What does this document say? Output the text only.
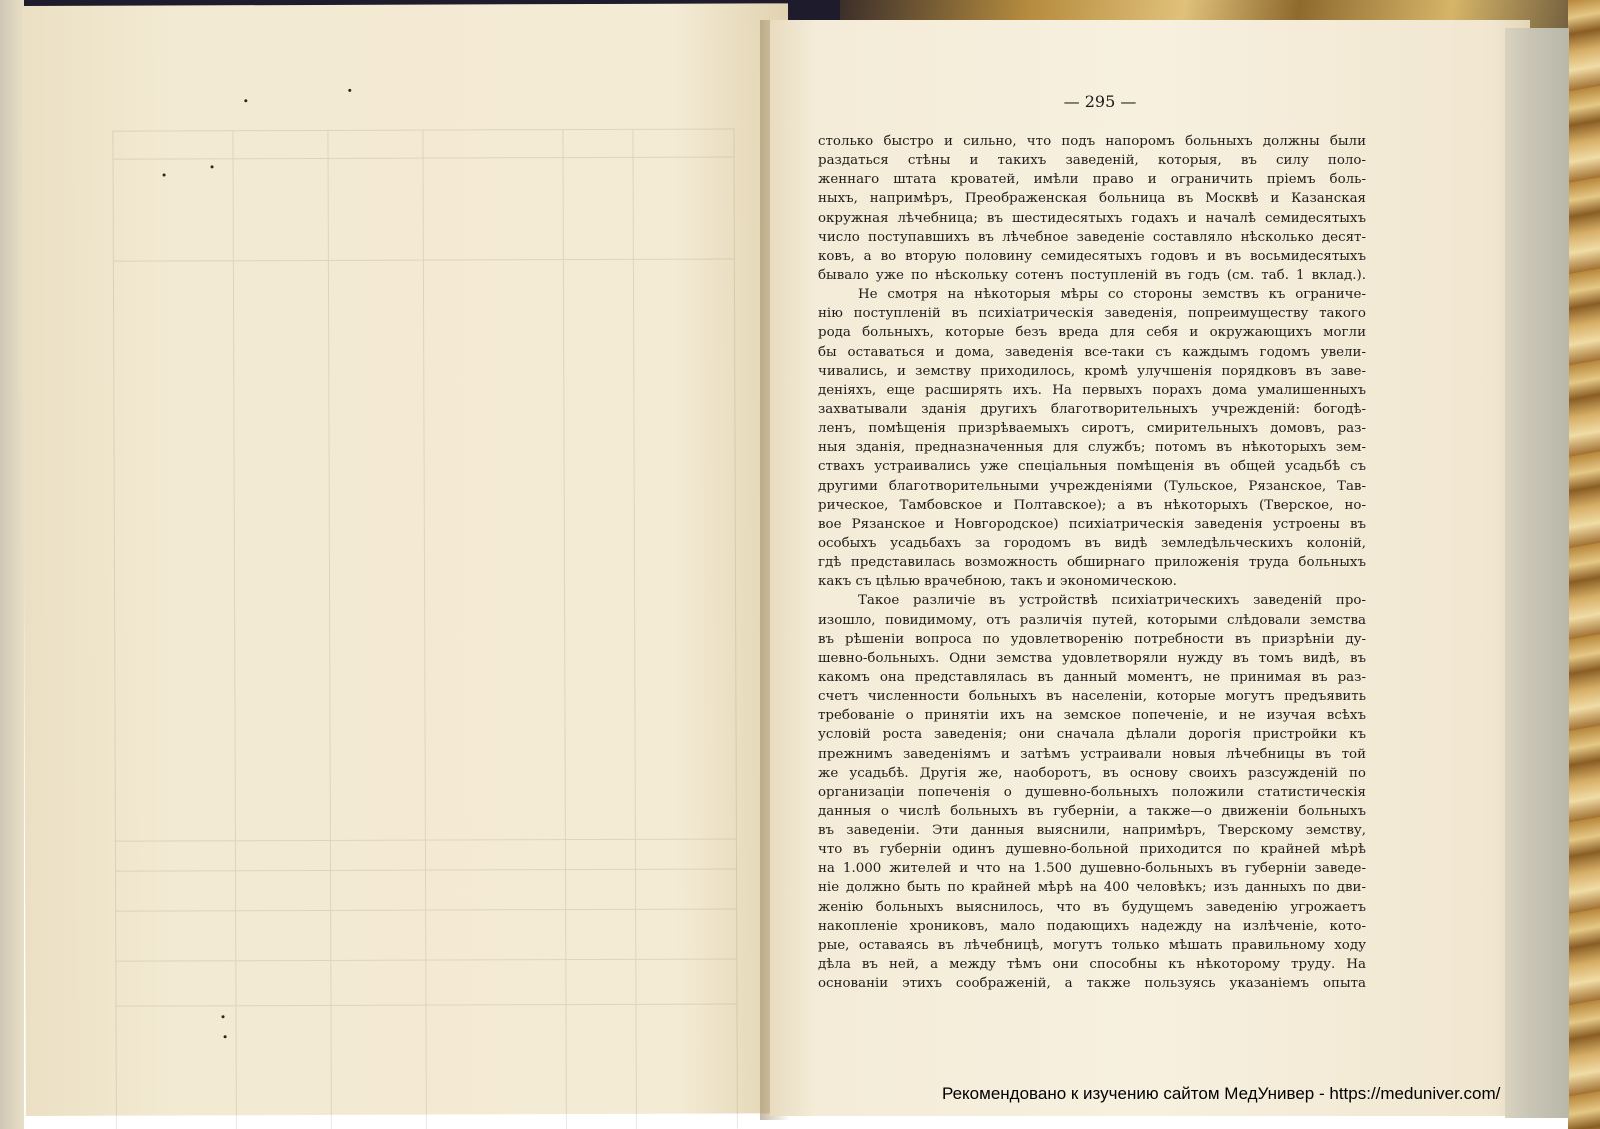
— 295 —
столько быстро и сильно, что подъ напоромъ больныхъ должны были
раздаться стѣны и такихъ заведеній, которыя, въ силу поло-
женнаго штата кроватей, имѣли право и ограничить пріемъ боль-
ныхъ, напримѣръ, Преображенская больница въ Москвѣ и Казанская
окружная лѣчебница; въ шестидесятыхъ годахъ и началѣ семидесятыхъ
число поступавшихъ въ лѣчебное заведеніе составляло нѣсколько десят-
ковъ, а во вторую половину семидесятыхъ годовъ и въ восьмидесятыхъ
бывало уже по нѣскольку сотенъ поступленій въ годъ (см. таб. 1 вклад.).
Не смотря на нѣкоторыя мѣры со стороны земствъ къ ограниче-
нію поступленій въ психіатрическія заведенія, попреимуществу такого
рода больныхъ, которые безъ вреда для себя и окружающихъ могли
бы оставаться и дома, заведенія все-таки съ каждымъ годомъ увели-
чивались, и земству приходилось, кромѣ улучшенія порядковъ въ заве-
деніяхъ, еще расширять ихъ. На первыхъ порахъ дома умалишенныхъ
захватывали зданія другихъ благотворительныхъ учрежденій: богодѣ-
ленъ, помѣщенія призрѣваемыхъ сиротъ, смирительныхъ домовъ, раз-
ныя зданія, предназначенныя для службъ; потомъ въ нѣкоторыхъ зем-
ствахъ устраивались уже спеціальныя помѣщенія въ общей усадьбѣ съ
другими благотворительными учрежденіями (Тульское, Рязанское, Тав-
рическое, Тамбовское и Полтавское); а въ нѣкоторыхъ (Тверское, но-
вое Рязанское и Новгородское) психіатрическія заведенія устроены въ
особыхъ усадьбахъ за городомъ въ видѣ земледѣльческихъ колоній,
гдѣ представилась возможность обширнаго приложенія труда больныхъ
какъ съ цѣлью врачебною, такъ и экономическою.
Такое различіе въ устройствѣ психіатрическихъ заведеній про-
изошло, повидимому, отъ различія путей, которыми слѣдовали земства
въ рѣшеніи вопроса по удовлетворенію потребности въ призрѣніи ду-
шевно-больныхъ. Одни земства удовлетворяли нужду въ томъ видѣ, въ
какомъ она представлялась въ данный моментъ, не принимая въ раз-
счетъ численности больныхъ въ населеніи, которые могутъ предъявить
требованіе о принятіи ихъ на земское попеченіе, и не изучая всѣхъ
условій роста заведенія; они сначала дѣлали дорогія пристройки къ
прежнимъ заведеніямъ и затѣмъ устраивали новыя лѣчебницы въ той
же усадьбѣ. Другія же, наоборотъ, въ основу своихъ разсужденій по
организаціи попеченія о душевно-больныхъ положили статистическія
данныя о числѣ больныхъ въ губерніи, а также—о движеніи больныхъ
въ заведеніи. Эти данныя выяснили, напримѣръ, Тверскому земству,
что въ губерніи одинъ душевно-больной приходится по крайней мѣрѣ
на 1.000 жителей и что на 1.500 душевно-больныхъ въ губерніи заведе-
ніе должно быть по крайней мѣрѣ на 400 человѣкъ; изъ данныхъ по дви-
женію больныхъ выяснилось, что въ будущемъ заведенію угрожаетъ
накопленіе хрониковъ, мало подающихъ надежду на излѣченіе, кото-
рые, оставаясь въ лѣчебницѣ, могутъ только мѣшать правильному ходу
дѣла въ ней, а между тѣмъ они способны къ нѣкоторому труду. На
основаніи этихъ соображеній, а также пользуясь указаніемъ опыта
Рекомендовано к изучению сайтом МедУнивер - https://meduniver.com/
